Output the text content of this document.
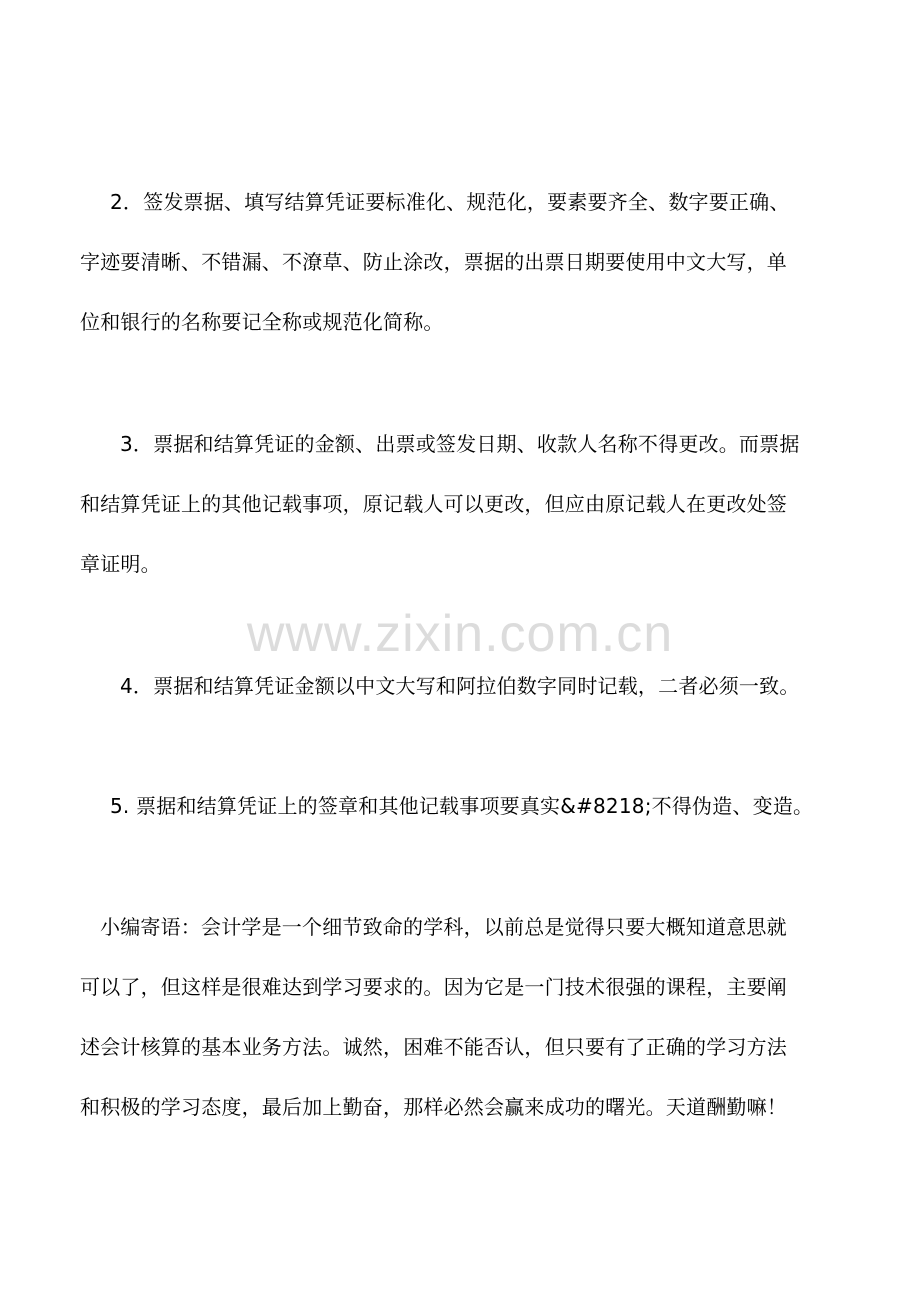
2．签发票据、填写结算凭证要标准化、规范化，要素要齐全、数字要正确、
字迹要清晰、不错漏、不潦草、防止涂改，票据的出票日期要使用中文大写，单
位和银行的名称要记全称或规范化简称。
3．票据和结算凭证的金额、出票或签发日期、收款人名称不得更改。而票据
和结算凭证上的其他记载事项，原记载人可以更改，但应由原记载人在更改处签
章证明。
www.zixin.com.cn
4．票据和结算凭证金额以中文大写和阿拉伯数字同时记载，二者必须一致。
5. 票据和结算凭证上的签章和其他记载事项要真实&#8218;不得伪造、变造。
小编寄语：会计学是一个细节致命的学科，以前总是觉得只要大概知道意思就
可以了，但这样是很难达到学习要求的。因为它是一门技术很强的课程，主要阐
述会计核算的基本业务方法。诚然，困难不能否认，但只要有了正确的学习方法
和积极的学习态度，最后加上勤奋，那样必然会赢来成功的曙光。天道酬勤嘛！
